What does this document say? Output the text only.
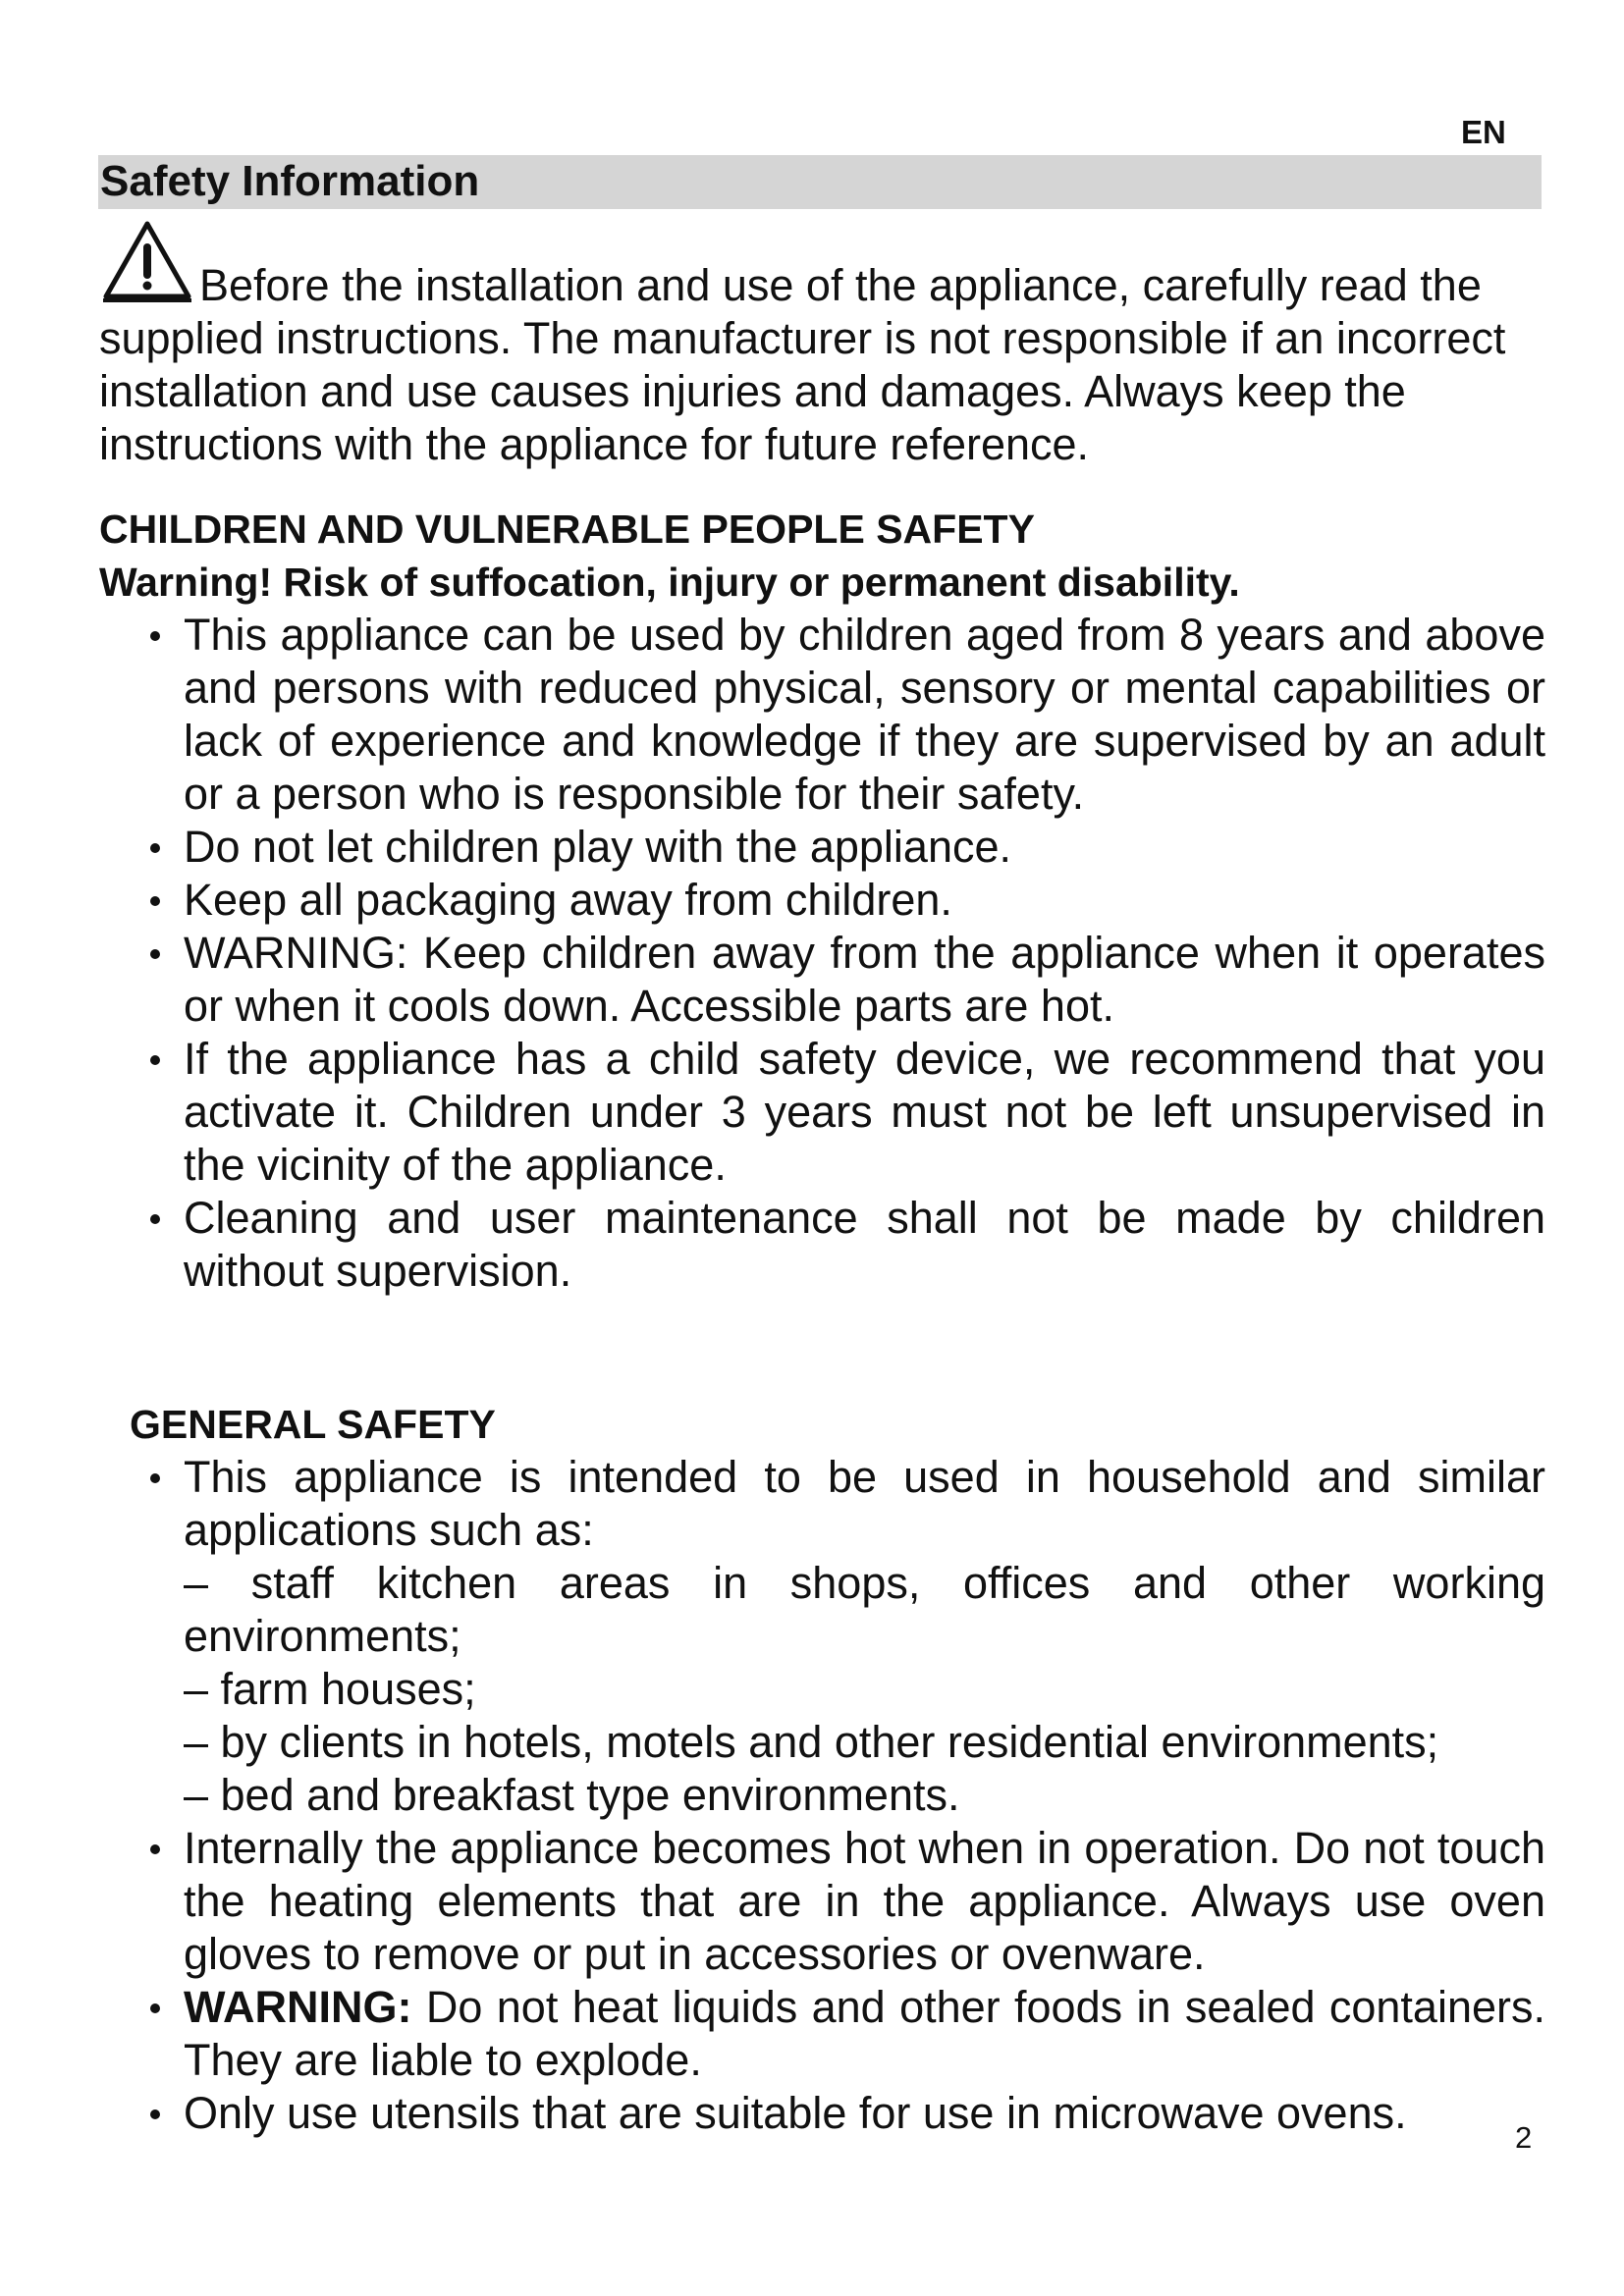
EN
Safety Information
Before the installation and use of the appliance, carefully read the supplied instructions. The manufacturer is not responsible if an incorrect installation and use causes injuries and damages. Always keep the instructions with the appliance for future reference.
CHILDREN AND VULNERABLE PEOPLE SAFETY
Warning! Risk of suffocation, injury or permanent disability.
This appliance can be used by children aged from 8 years and above and persons with reduced physical, sensory or mental capabilities or lack of experience and knowledge if they are supervised by an adult or a person who is responsible for their safety.
Do not let children play with the appliance.
Keep all packaging away from children.
WARNING: Keep children away from the appliance when it operates or when it cools down. Accessible parts are hot.
If the appliance has a child safety device, we recommend that you activate it. Children under 3 years must not be left unsupervised in the vicinity of the appliance.
Cleaning and user maintenance shall not be made by children without supervision.
GENERAL SAFETY
This appliance is intended to be used in household and similar applications such as:
– staff kitchen areas in shops, offices and other working environments;
– farm houses;
– by clients in hotels, motels and other residential environments;
– bed and breakfast type environments.
Internally the appliance becomes hot when in operation. Do not touch the heating elements that are in the appliance. Always use oven gloves to remove or put in accessories or ovenware.
WARNING: Do not heat liquids and other foods in sealed containers. They are liable to explode.
Only use utensils that are suitable for use in microwave ovens.	2
